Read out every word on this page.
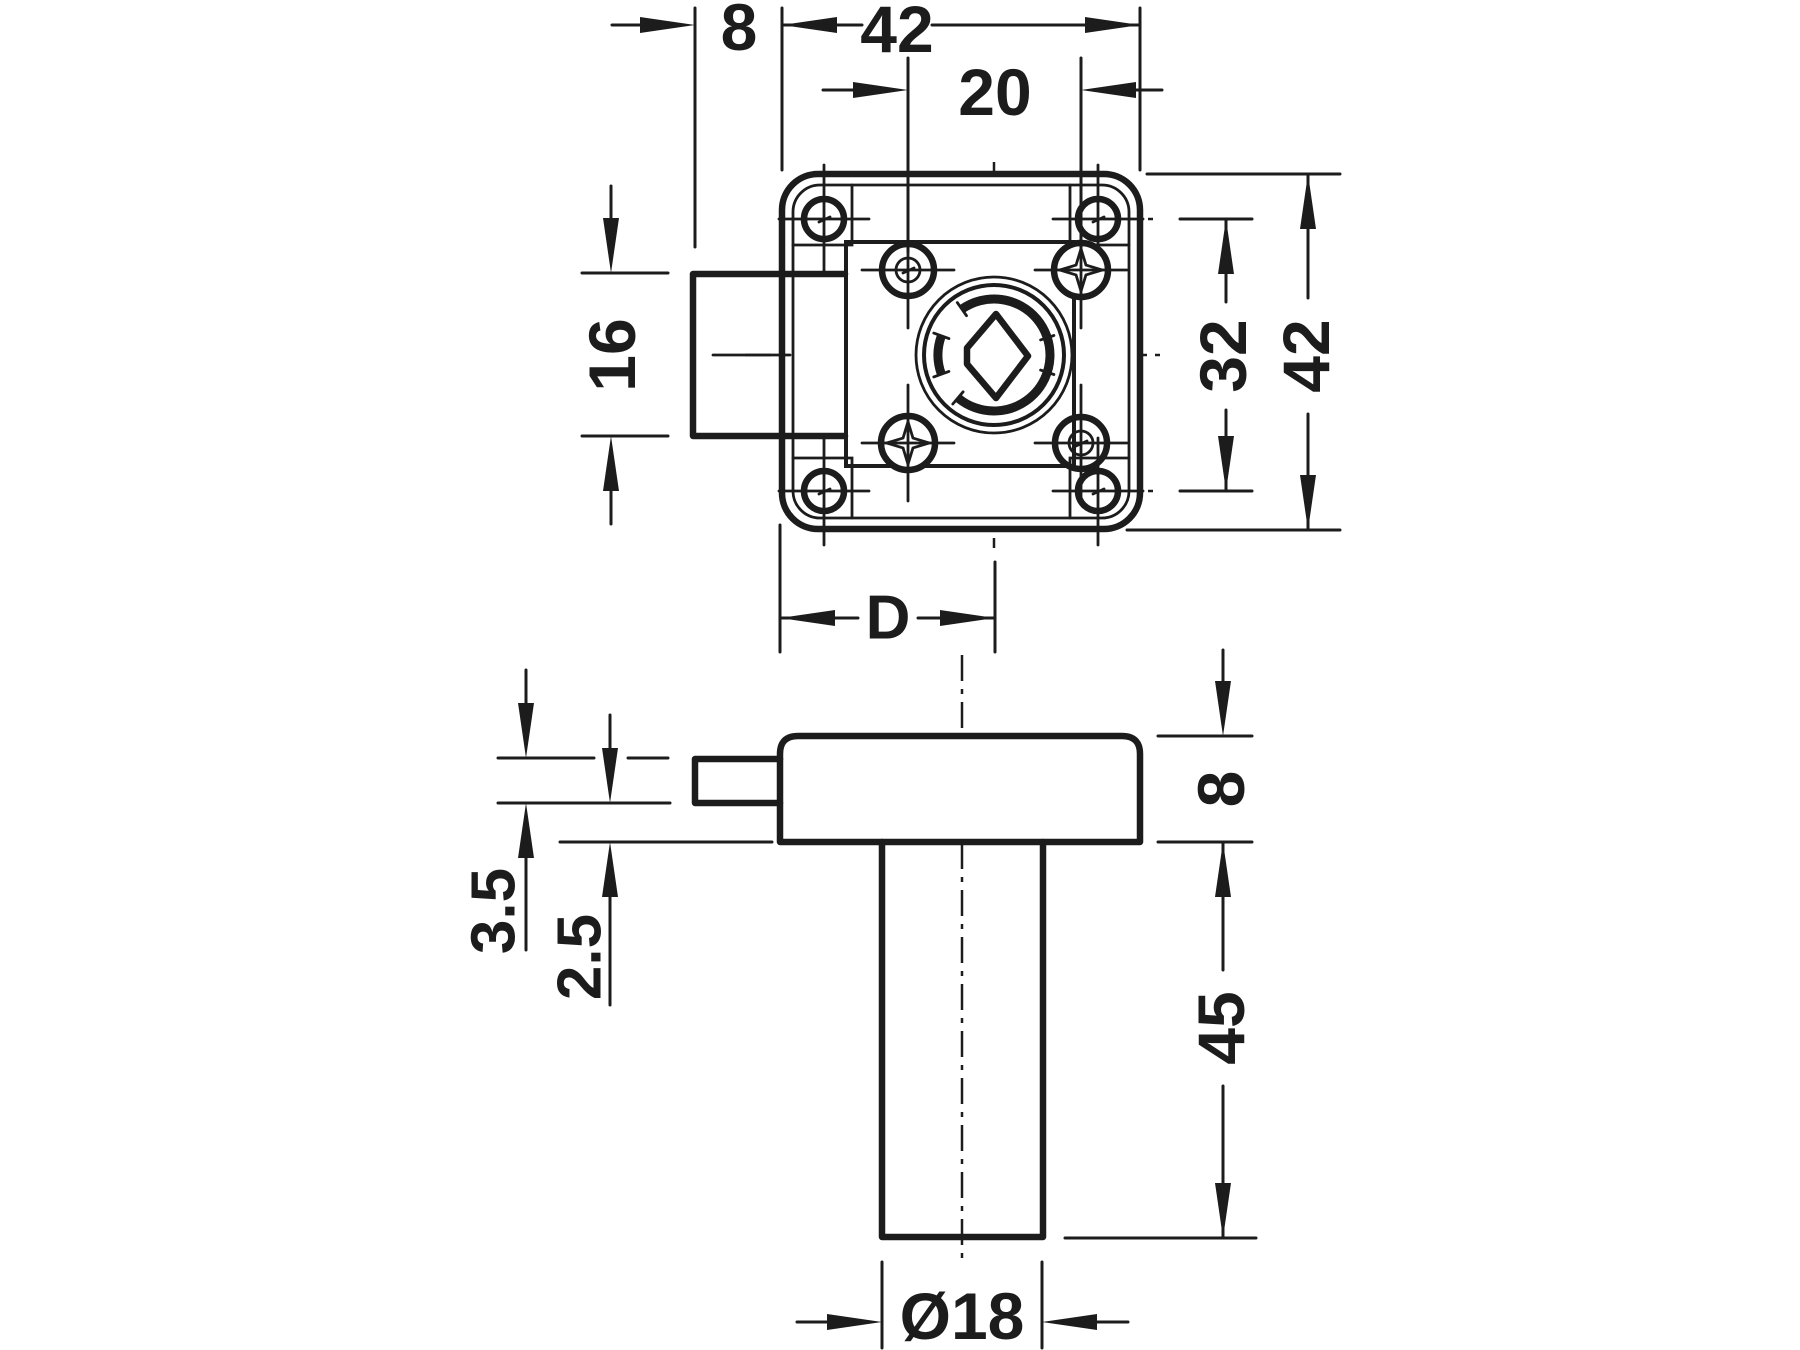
8 42
20
16	32 42
D
3.5
2.5
8
45
Ø18
